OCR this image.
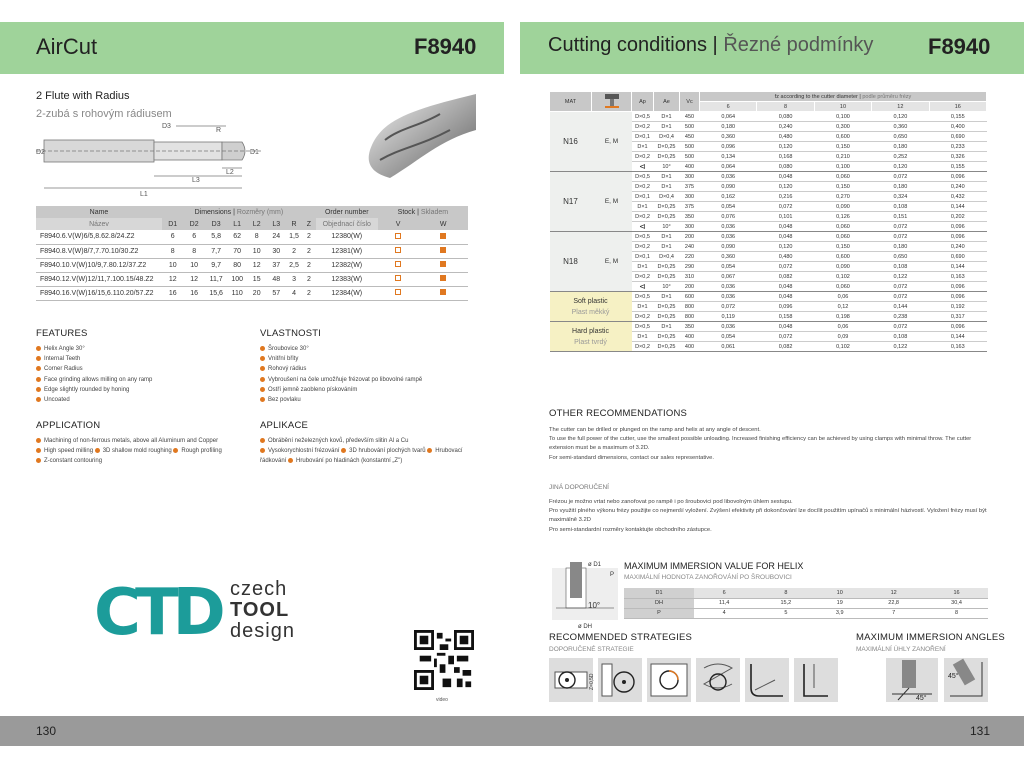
AirCut	F8940	Cutting conditions | Řezné podmínky F8940
2 Flute with Radius
2-zubá s rohovým rádiusem
D3
R
D2	D1
L2
L3
L1
Name	Dimensions | Rozměry (mm)								Order number	Stock | Skladem	
Název	D1	D2	D3	L1	L2	L3	R	Z	Objednací číslo	V	W
F8940.6.V(W)6/5,8.62.8/24.Z2	6	6	5,8	62	8	24	1,5	2	12380(W)		
F8940.8.V(W)8/7,7.70.10/30.Z2	8	8	7,7	70	10	30	2	2	12381(W)		
F8940.10.V(W)10/9,7.80.12/37.Z2	10	10	9,7	80	12	37	2,5	2	12382(W)		
F8940.12.V(W)12/11,7.100.15/48.Z2	12	12	11,7	100	15	48	3	2	12383(W)		
F8940.16.V(W)16/15,6.110.20/57.Z2	16	16	15,6	110	20	57	4	2	12384(W)		
FEATURES
Helix Angle 30°
Internal Teeth
Corner Radius
Face grinding allows milling on any ramp
Edge slightly rounded by honing
Uncoated
VLASTNOSTI
Šroubovice 30°
Vnitřní břity
Rohový rádius
Vybroušení na čele umožňuje frézovat po libovolné rampě
Ostří jemně zaobleno pískováním
Bez povlaku
APPLICATION
Machining of non-ferrous metals, above all Aluminum and Copper
High speed milling 3D shallow mold roughing Rough profiling
Z-constant contouring
APLIKACE
Obrábění neželezných kovů, především slitin Al a Cu
Vysokorychlostní frézování 3D hrubování plochých tvarů Hrubovací
řádkování Hrubování po hladinách (konstantní „Z")
CTD czech
TOOL
design
video
MAT		Ap	Ae	Vc	fz according to the cutter diameter | podle průměru frézy				
					6	8	10	12	16
N16	E, M	D×0,5	D×1	450	0,064	0,080	0,100	0,120	0,155
		D×0,2	D×1	500	0,180	0,240	0,300	0,360	0,400
		D×0,1	D×0,4	450	0,360	0,480	0,600	0,650	0,690
		D×1	D×0,25	500	0,096	0,120	0,150	0,180	0,233
		D×0,2	D×0,25	500	0,134	0,168	0,210	0,252	0,326
		⊲	10°	400	0,064	0,080	0,100	0,120	0,155
N17	E, M	D×0,5	D×1	300	0,036	0,048	0,060	0,072	0,096
		D×0,2	D×1	375	0,090	0,120	0,150	0,180	0,240
		D×0,1	D×0,4	300	0,162	0,216	0,270	0,324	0,432
		D×1	D×0,25	375	0,054	0,072	0,090	0,108	0,144
		D×0,2	D×0,25	350	0,076	0,101	0,126	0,151	0,202
		⊲	10°	300	0,036	0,048	0,060	0,072	0,096
N18	E, M	D×0,5	D×1	200	0,036	0,048	0,060	0,072	0,096
		D×0,2	D×1	240	0,090	0,120	0,150	0,180	0,240
		D×0,1	D×0,4	220	0,360	0,480	0,600	0,650	0,690
		D×1	D×0,25	290	0,054	0,072	0,090	0,108	0,144
		D×0,2	D×0,25	310	0,067	0,082	0,102	0,122	0,163
		⊲	10°	200	0,036	0,048	0,060	0,072	0,096

Soft plastic
Plast měkký		D×0,5	D×1	600	0,036	0,048	0,06	0,072	0,096
		D×1	D×0,25	800	0,072	0,096	0,12	0,144	0,192
		D×0,2	D×0,25	800	0,119	0,158	0,198	0,238	0,317

Hard plastic
Plast tvrdý		D×0,5	D×1	350	0,036	0,048	0,06	0,072	0,096
		D×1	D×0,25	400	0,054	0,072	0,09	0,108	0,144
		D×0,2	D×0,25	400	0,061	0,082	0,102	0,122	0,163
OTHER RECOMMENDATIONS
The cutter can be drilled or plunged on the ramp and helix at any angle of descent.
To use the full power of the cutter, use the smallest possible unloading. Increased finishing efficiency can be achieved by using clamps with minimal throw. The cutter
extension must be a maximum of 3.2D.
For semi-standard dimensions, contact our sales representative.
JINÁ DOPORUČENÍ
Frézou je možno vrtat nebo zanořovat po rampě i po šroubovici pod libovolným úhlem sestupu.
Pro využití plného výkonu frézy použijte co nejmenší vyložení. Zvýšení efektivity při dokončování lze docílit použitím upínačů s minimální házivostí. Vyložení frézy musí být
maximálně 3.2D
Pro semi-standardní rozměry kontaktujte obchodního zástupce.
ø D1
P
10°
ø DH
MAXIMUM IMMERSION VALUE FOR HELIX
MAXIMÁLNÍ HODNOTA ZANOŘOVÁNÍ PO ŠROUBOVICI
D1	6	8	10	12	16
DH	11,4	15,2	19	22,8	30,4
P	4	5	3,9	7	8
RECOMMENDED STRATEGIES
DOPORUČENÉ STRATEGIE
Z=0,5D
MAXIMUM IMMERSION ANGLES
MAXIMÁLNÍ ÚHLY ZANOŘENÍ
45°
45°
130	131
